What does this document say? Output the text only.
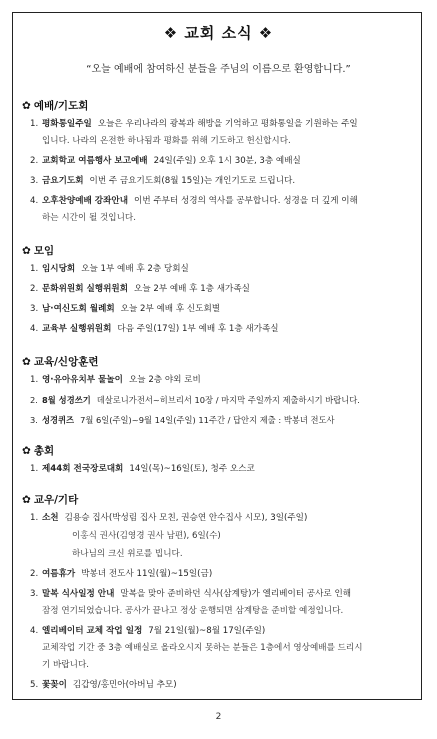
❖ 교회 소식 ❖
“오늘 예배에 참여하신 분들을 주님의 이름으로 환영합니다.”
✿ 예배/기도회
1. 평화통일주일 오늘은 우리나라의 광복과 해방을 기억하고 평화통일을 기원하는 주일
입니다. 나라의 온전한 하나됨과 평화를 위해 기도하고 헌신합시다.
2. 교회학교 여름행사 보고예배 24일(주일) 오후 1시 30분, 3층 예배실
3. 금요기도회 이번 주 금요기도회(8월 15일)는 개인기도로 드립니다.
4. 오후찬양예배 강좌안내 이번 주부터 성경의 역사를 공부합니다. 성경을 더 깊게 이해
하는 시간이 될 것입니다.
✿ 모임
1. 임시당회 오늘 1부 예배 후 2층 당회실
2. 문화위원회 실행위원회 오늘 2부 예배 후 1층 새가족실
3. 남·여신도회 월례회 오늘 2부 예배 후 신도회별
4. 교육부 실행위원회 다음 주일(17일) 1부 예배 후 1층 새가족실
✿ 교육/신앙훈련
1. 영·유아유치부 물놀이 오늘 2층 야외 로비
2. 8월 성경쓰기 데살로니가전서~히브리서 10장 / 마지막 주일까지 제출하시기 바랍니다.
3. 성경퀴즈 7월 6일(주일)~9월 14일(주일) 11주간 / 답안지 제출 : 박봉녀 전도사
✿ 총회
1. 제44회 전국장로대회 14일(목)~16일(토), 청주 오스코
✿ 교우/기타
1. 소천 김용승 집사(박성림 집사 모친, 권승연 안수집사 시모), 3일(주일)
이홍식 권사(김영경 권사 남편), 6일(수)
하나님의 크신 위로를 빕니다.
2. 여름휴가 박봉녀 전도사 11일(월)~15일(금)
3. 말복 식사일정 안내 말복을 맞아 준비하던 식사(삼계탕)가 엘리베이터 공사로 인해
잠정 연기되었습니다. 공사가 끝나고 정상 운행되면 삼계탕을 준비할 예정입니다.
4. 엘리베이터 교체 작업 일정 7월 21일(월)~8월 17일(주일)
교체작업 기간 중 3층 예배실로 올라오시지 못하는 분들은 1층에서 영상예배를 드리시
기 바랍니다.
5. 꽃꽂이 김갑영/홍민아(아버님 추모)
2
